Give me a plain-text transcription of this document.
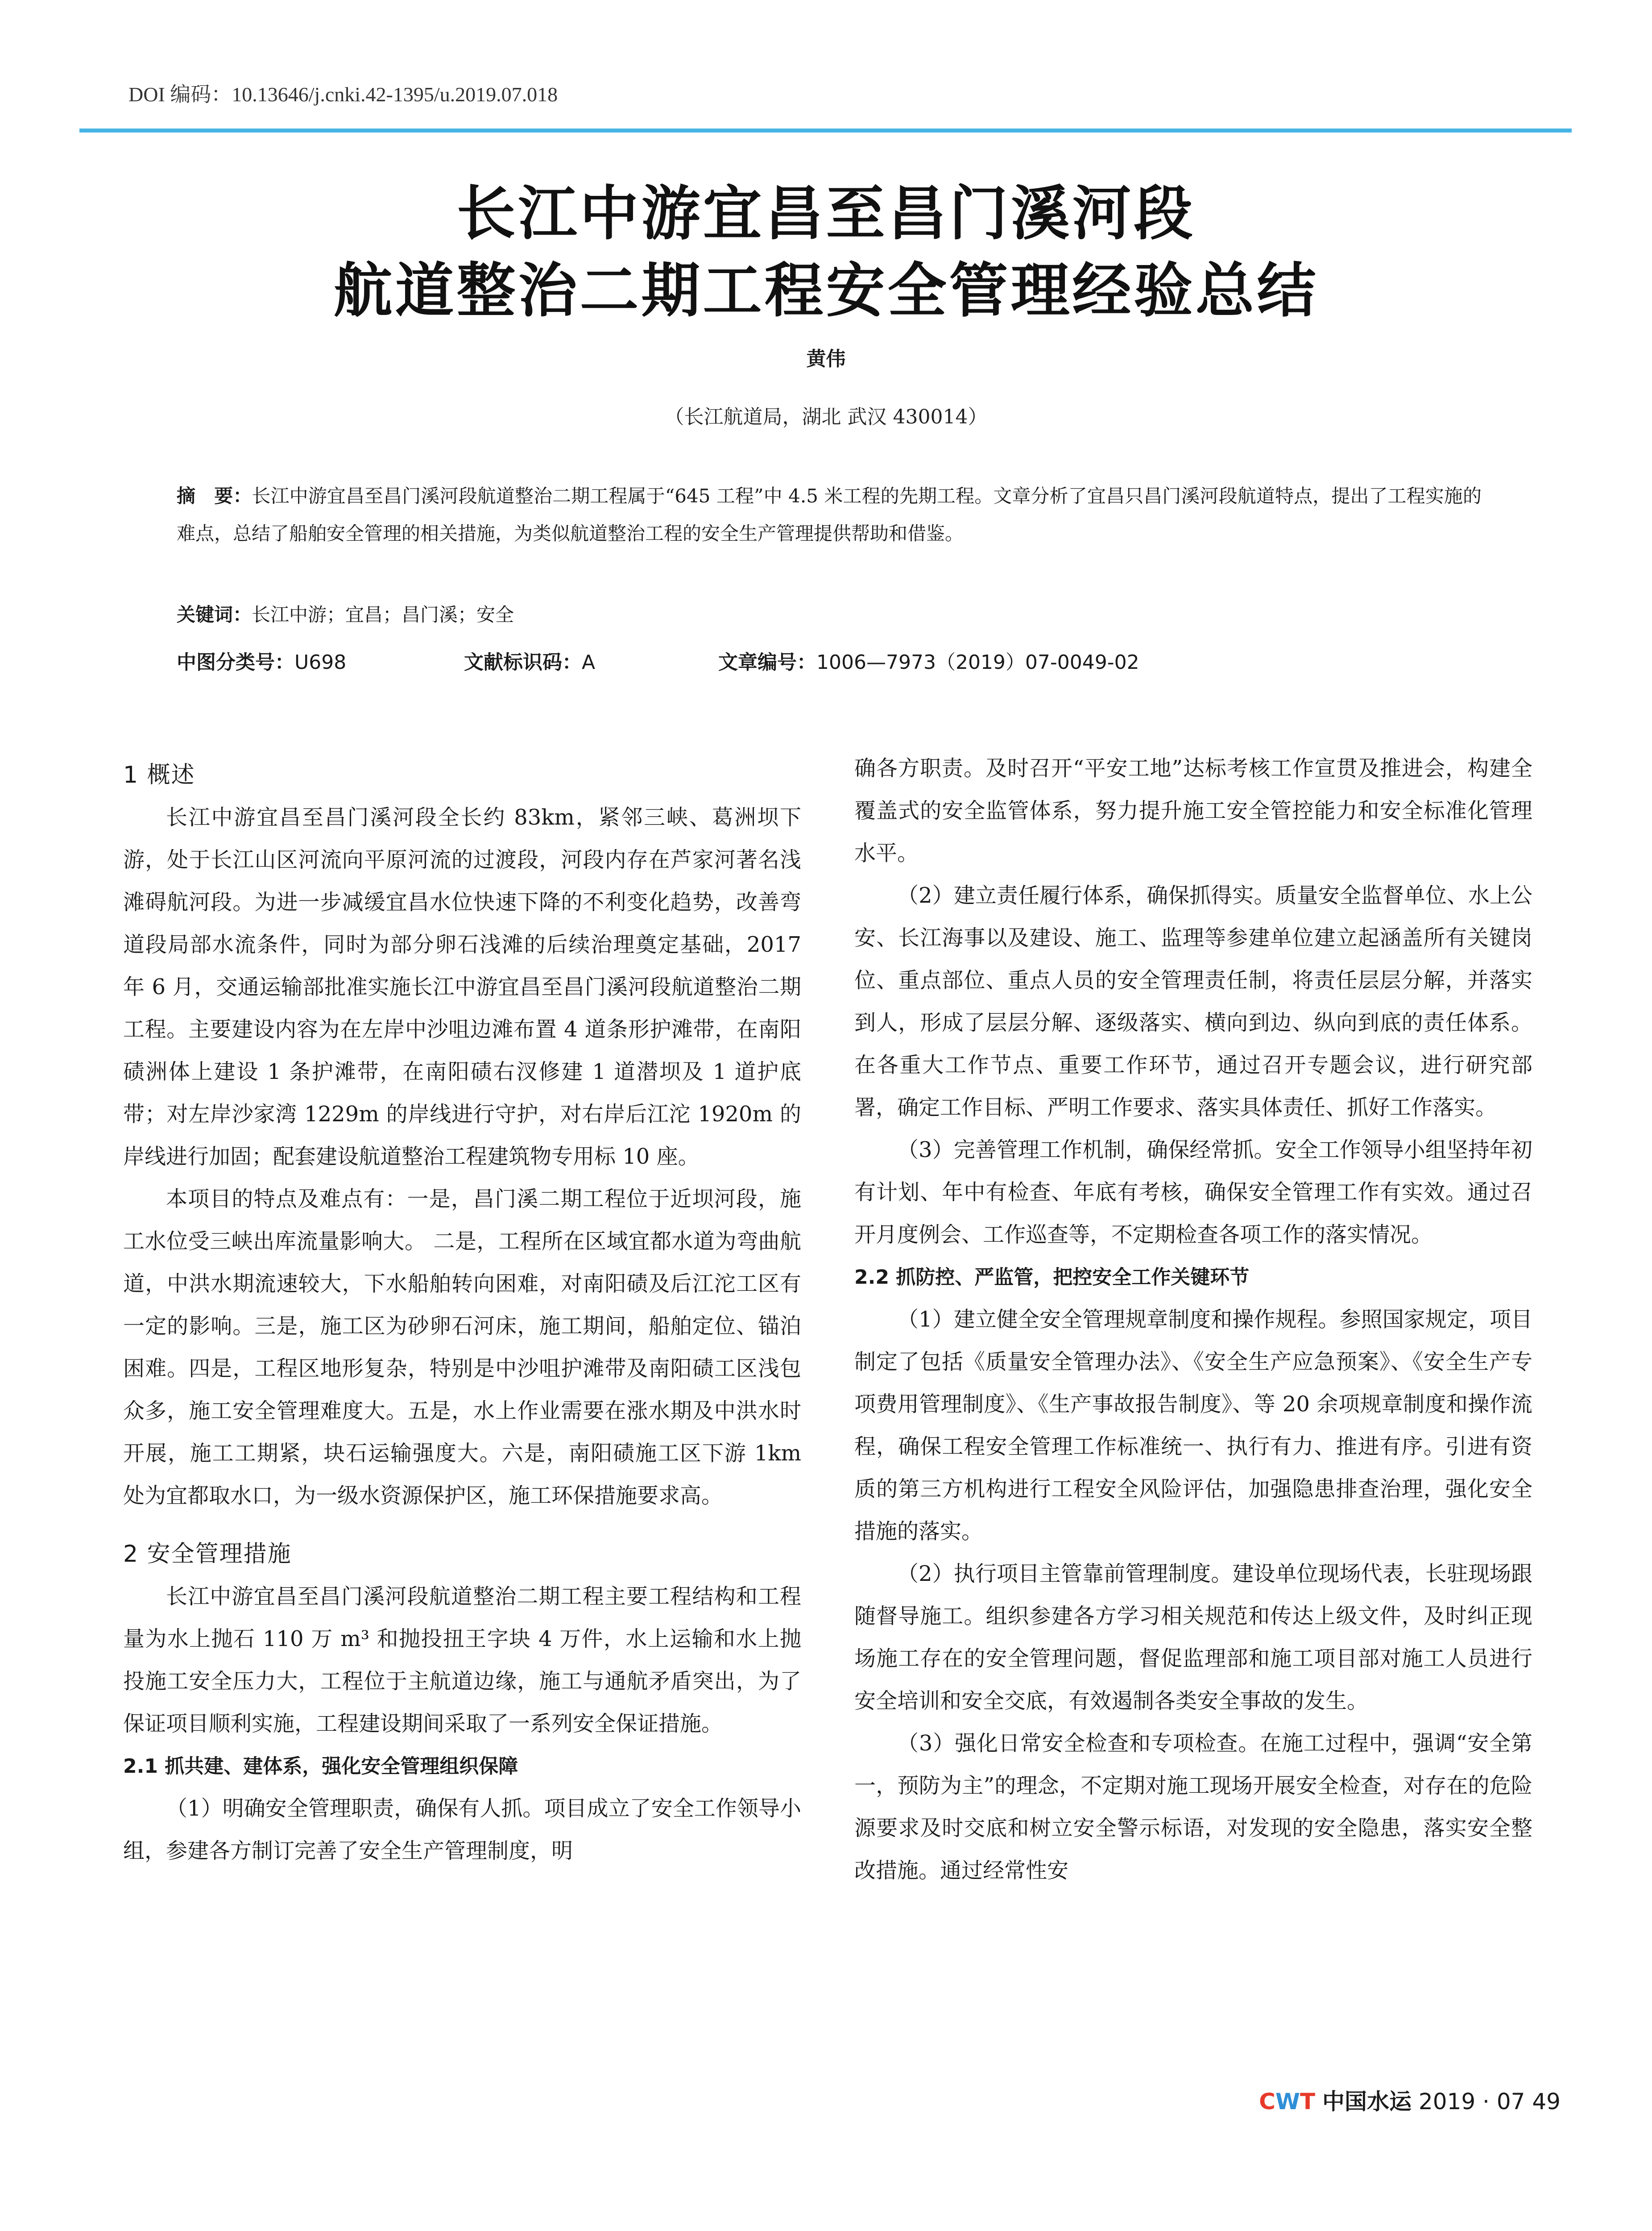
DOI 编码：10.13646/j.cnki.42-1395/u.2019.07.018
长江中游宜昌至昌门溪河段
航道整治二期工程安全管理经验总结
黄伟
（长江航道局，湖北 武汉 430014）
摘　要：长江中游宜昌至昌门溪河段航道整治二期工程属于“645 工程”中 4.5 米工程的先期工程。文章分析了宜昌只昌门溪河段航道特点，提出了工程实施的难点，总结了船舶安全管理的相关措施，为类似航道整治工程的安全生产管理提供帮助和借鉴。
关键词：长江中游；宜昌；昌门溪；安全
中图分类号：U698	文献标识码：A	文章编号：1006—7973（2019）07-0049-02
1 概述

长江中游宜昌至昌门溪河段全长约 83km，紧邻三峡、葛洲坝下游，处于长江山区河流向平原河流的过渡段，河段内存在芦家河著名浅滩碍航河段。为进一步减缓宜昌水位快速下降的不利变化趋势，改善弯道段局部水流条件，同时为部分卵石浅滩的后续治理奠定基础，2017 年 6 月，交通运输部批准实施长江中游宜昌至昌门溪河段航道整治二期工程。主要建设内容为在左岸中沙咀边滩布置 4 道条形护滩带，在南阳碛洲体上建设 1 条护滩带，在南阳碛右汊修建 1 道潜坝及 1 道护底带；对左岸沙家湾 1229m 的岸线进行守护，对右岸后江沱 1920m 的岸线进行加固；配套建设航道整治工程建筑物专用标 10 座。

本项目的特点及难点有：一是，昌门溪二期工程位于近坝河段，施工水位受三峡出库流量影响大。 二是，工程所在区域宜都水道为弯曲航道，中洪水期流速较大，下水船舶转向困难，对南阳碛及后江沱工区有一定的影响。三是，施工区为砂卵石河床，施工期间，船舶定位、锚泊困难。四是，工程区地形复杂，特别是中沙咀护滩带及南阳碛工区浅包众多，施工安全管理难度大。五是，水上作业需要在涨水期及中洪水时开展，施工工期紧，块石运输强度大。六是，南阳碛施工区下游 1km 处为宜都取水口，为一级水资源保护区，施工环保措施要求高。

2 安全管理措施

长江中游宜昌至昌门溪河段航道整治二期工程主要工程结构和工程量为水上抛石 110 万 m³ 和抛投扭王字块 4 万件，水上运输和水上抛投施工安全压力大，工程位于主航道边缘，施工与通航矛盾突出，为了保证项目顺利实施，工程建设期间采取了一系列安全保证措施。

2.1 抓共建、建体系，强化安全管理组织保障

（1）明确安全管理职责，确保有人抓。项目成立了安全工作领导小组，参建各方制订完善了安全生产管理制度，明

确各方职责。及时召开“平安工地”达标考核工作宣贯及推进会，构建全覆盖式的安全监管体系，努力提升施工安全管控能力和安全标准化管理水平。

（2）建立责任履行体系，确保抓得实。质量安全监督单位、水上公安、长江海事以及建设、施工、监理等参建单位建立起涵盖所有关键岗位、重点部位、重点人员的安全管理责任制，将责任层层分解，并落实到人，形成了层层分解、逐级落实、横向到边、纵向到底的责任体系。在各重大工作节点、重要工作环节，通过召开专题会议，进行研究部署，确定工作目标、严明工作要求、落实具体责任、抓好工作落实。

（3）完善管理工作机制，确保经常抓。安全工作领导小组坚持年初有计划、年中有检查、年底有考核，确保安全管理工作有实效。通过召开月度例会、工作巡查等，不定期检查各项工作的落实情况。

2.2 抓防控、严监管，把控安全工作关键环节

（1）建立健全安全管理规章制度和操作规程。参照国家规定，项目制定了包括《质量安全管理办法》、《安全生产应急预案》、《安全生产专项费用管理制度》、《生产事故报告制度》、等 20 余项规章制度和操作流程，确保工程安全管理工作标准统一、执行有力、推进有序。引进有资质的第三方机构进行工程安全风险评估，加强隐患排查治理，强化安全措施的落实。

（2）执行项目主管靠前管理制度。建设单位现场代表，长驻现场跟随督导施工。组织参建各方学习相关规范和传达上级文件，及时纠正现场施工存在的安全管理问题，督促监理部和施工项目部对施工人员进行安全培训和安全交底，有效遏制各类安全事故的发生。

（3）强化日常安全检查和专项检查。在施工过程中，强调“安全第一，预防为主”的理念，不定期对施工现场开展安全检查，对存在的危险源要求及时交底和树立安全警示标语，对发现的安全隐患，落实安全整改措施。通过经常性安

CWT 中国水运 2019 · 07 49
